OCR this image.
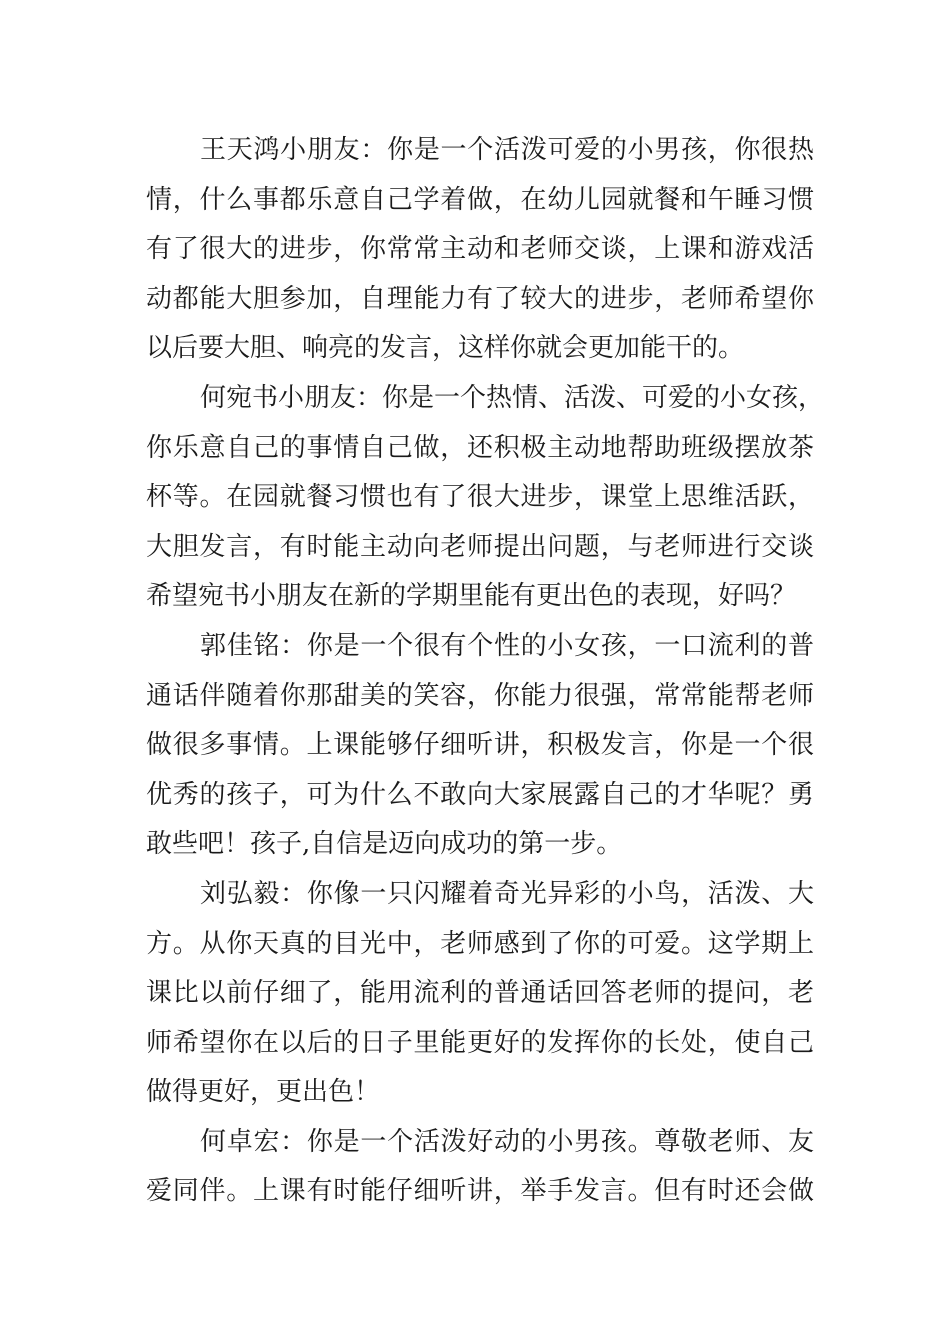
王天鸿小朋友：你是一个活泼可爱的小男孩，你很热
情，什么事都乐意自己学着做，在幼儿园就餐和午睡习惯
有了很大的进步，你常常主动和老师交谈，上课和游戏活
动都能大胆参加，自理能力有了较大的进步，老师希望你
以后要大胆、响亮的发言，这样你就会更加能干的。

何宛书小朋友：你是一个热情、活泼、可爱的小女孩，
你乐意自己的事情自己做，还积极主动地帮助班级摆放茶
杯等。在园就餐习惯也有了很大进步，课堂上思维活跃，
大胆发言，有时能主动向老师提出问题，与老师进行交谈
希望宛书小朋友在新的学期里能有更出色的表现，好吗？

郭佳铭：你是一个很有个性的小女孩，一口流利的普
通话伴随着你那甜美的笑容，你能力很强，常常能帮老师
做很多事情。上课能够仔细听讲，积极发言，你是一个很
优秀的孩子，可为什么不敢向大家展露自己的才华呢？勇
敢些吧！孩子,自信是迈向成功的第一步。

刘弘毅：你像一只闪耀着奇光异彩的小鸟，活泼、大
方。从你天真的目光中，老师感到了你的可爱。这学期上
课比以前仔细了，能用流利的普通话回答老师的提问，老
师希望你在以后的日子里能更好的发挥你的长处，使自己
做得更好，更出色！

何卓宏：你是一个活泼好动的小男孩。尊敬老师、友
爱同伴。上课有时能仔细听讲，举手发言。但有时还会做
